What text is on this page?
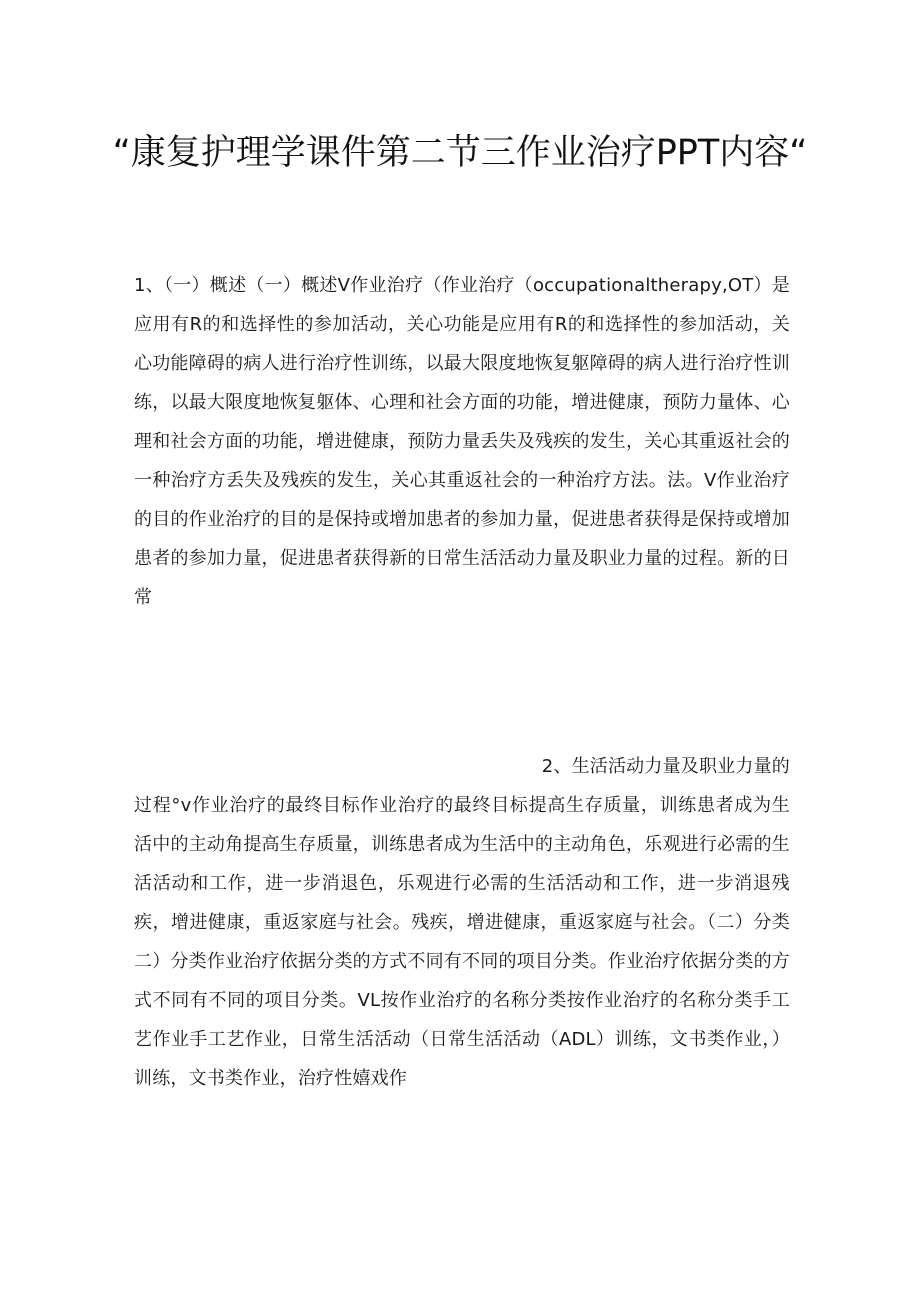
“康复护理学课件第二节三作业治疗PPT内容“

1、（一）概述（一）概述V作业治疗（作业治疗（occupationaltherapy,OT）是应用有R的和选择性的参加活动，关心功能是应用有R的和选择性的参加活动，关心功能障碍的病人进行治疗性训练，以最大限度地恢复躯障碍的病人进行治疗性训练，以最大限度地恢复躯体、心理和社会方面的功能，增进健康，预防力量体、心理和社会方面的功能，增进健康，预防力量丢失及残疾的发生，关心其重返社会的一种治疗方丢失及残疾的发生，关心其重返社会的一种治疗方法。法。V作业治疗的目的作业治疗的目的是保持或增加患者的参加力量，促进患者获得是保持或增加患者的参加力量，促进患者获得新的日常生活活动力量及职业力量的过程。新的日常

2、生活活动力量及职业力量的
过程°v作业治疗的最终目标作业治疗的最终目标提高生存质量，训练患者成为生活中的主动角提高生存质量，训练患者成为生活中的主动角色，乐观进行必需的生活活动和工作，进一步消退色，乐观进行必需的生活活动和工作，进一步消退残疾，增进健康，重返家庭与社会。残疾，增进健康，重返家庭与社会。（二）分类二）分类作业治疗依据分类的方式不同有不同的项目分类。作业治疗依据分类的方式不同有不同的项目分类。VL按作业治疗的名称分类按作业治疗的名称分类手工艺作业手工艺作业，日常生活活动（日常生活活动（ADL）训练，文书类作业，）训练，文书类作业，治疗性嬉戏作
